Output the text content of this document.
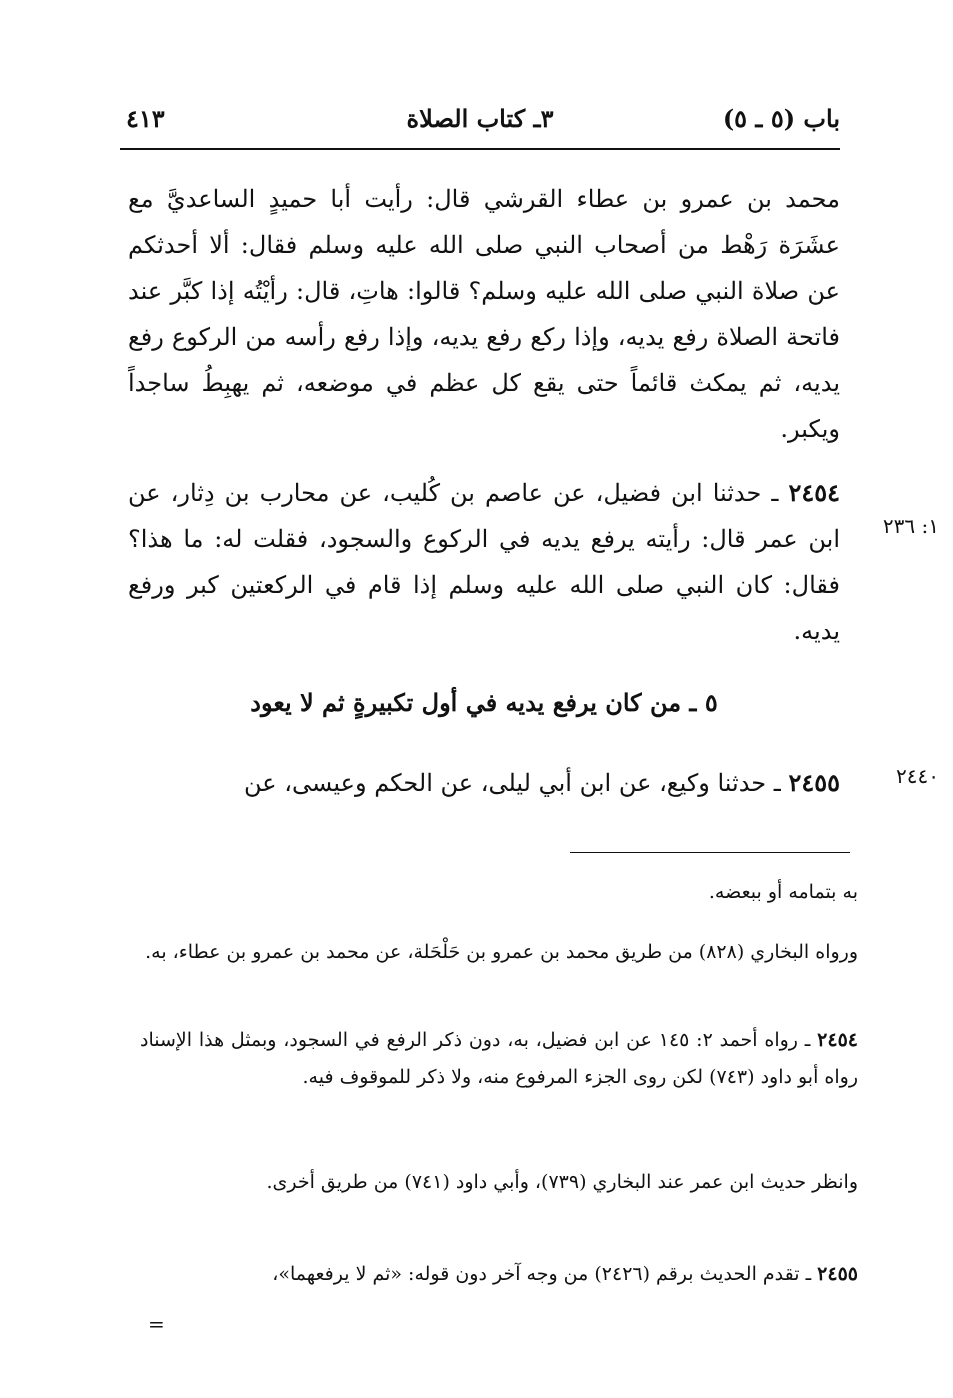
باب (٥ ـ ٥)
٣ـ كتاب الصلاة
٤١٣

محمد بن عمرو بن عطاء القرشي قال: رأيت أبا حميدٍ الساعديَّ مع عشَرَة رَهْط من أصحاب النبي صلى الله عليه وسلم فقال: ألا أحدثكم عن صلاة النبي صلى الله عليه وسلم؟ قالوا: هاتِ، قال: رأيْتُه إذا كبَّر عند فاتحة الصلاة رفع يديه، وإذا ركع رفع يديه، وإذا رفع رأسه من الركوع رفع يديه، ثم يمكث قائماً حتى يقع كل عظم في موضعه، ثم يهبِطُ ساجداً ويكبر.

٢٤٥٤ ـ حدثنا ابن فضيل، عن عاصم بن كُليب، عن محارب بن دِثار، عن ابن عمر قال: رأيته يرفع يديه في الركوع والسجود، فقلت له: ما هذا؟ فقال: كان النبي صلى الله عليه وسلم إذا قام في الركعتين كبر ورفع يديه.

١: ٢٣٦
٥ ـ من كان يرفع يديه في أول تكبيرةٍ ثم لا يعود

٢٤٥٥ ـ حدثنا وكيع، عن ابن أبي ليلى، عن الحكم وعيسى، عن	٢٤٤٠

به بتمامه أو ببعضه.

ورواه البخاري (٨٢٨) من طريق محمد بن عمرو بن حَلْحَلة، عن محمد بن عمرو بن عطاء، به.

٢٤٥٤ ـ رواه أحمد ٢: ١٤٥ عن ابن فضيل، به، دون ذكر الرفع في السجود، وبمثل هذا الإسناد رواه أبو داود (٧٤٣) لكن روى الجزء المرفوع منه، ولا ذكر للموقوف فيه.

وانظر حديث ابن عمر عند البخاري (٧٣٩)، وأبي داود (٧٤١) من طريق أخرى.

٢٤٥٥ ـ تقدم الحديث برقم (٢٤٢٦) من وجه آخر دون قوله: «ثم لا يرفعهما»،

=
